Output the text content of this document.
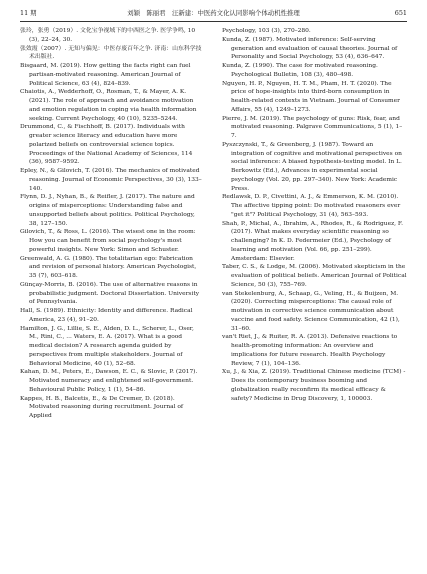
11 期	刘颖　陈丽君　汪新建：中医药文化认同影响个体动机性推理	651

张玲，张勇（2019）. 文化宝争视域下的中西医之争. 医学争鸣, 10 (3), 22–24, 30.

张效霞（2007）. 无知与偏见：中医存废百年之争. 济南：山东科学技术出版社.

Bisgaard, M. (2019). How getting the facts right can fuel partisan-motivated reasoning. American Journal of Political Science, 63 (4), 824–839.

Chaiotis, A., Wedderhoff, O., Rosman, T., & Mayer, A. K. (2021). The role of approach and avoidance motivation and emotion regulation in coping via health information seeking. Current Psychology, 40 (10), 5235–5244.

Drummond, C., & Fischhoff, B. (2017). Individuals with greater science literacy and education have more polarized beliefs on controversial science topics. Proceedings of the National Academy of Sciences, 114 (36), 9587–9592.

Epley, N., & Gilovich, T. (2016). The mechanics of motivated reasoning. Journal of Economic Perspectives, 30 (3), 133–140.

Flynn, D. J., Nyhan, B., & Reifler, J. (2017). The nature and origins of misperceptions: Understanding false and unsupported beliefs about politics. Political Psychology, 38, 127–150.

Gilovich, T., & Ross, L. (2016). The wisest one in the room: How you can benefit from social psychology's most powerful insights. New York: Simon and Schuster.

Greenwald, A. G. (1980). The totalitarian ego: Fabrication and revision of personal history. American Psychologist, 35 (7), 603–618.

Günçay-Morris, B. (2016). The use of alternative reasons in probabilistic judgment. Doctoral Dissertation. University of Pennsylvania.

Hall, S. (1989). Ethnicity: Identity and difference. Radical America, 23 (4), 91–20.

Hamilton, J. G., Lillie, S. E., Alden, D. L., Scherer, L., Oser, M., Rini, C., ... Waters, E. A. (2017). What is a good medical decision? A research agenda guided by perspectives from multiple stakeholders. Journal of Behavioral Medicine, 40 (1), 52–68.

Kahan, D. M., Peters, E., Dawson, E. C., & Slovic, P. (2017). Motivated numeracy and enlightened self-government. Behavioural Public Policy, 1 (1), 54–86.

Kappes, H. B., Balcetis, E., & De Cremer, D. (2018). Motivated reasoning during recruitment. Journal of Applied

Psychology, 103 (3), 270–280.

Kunda, Z. (1987). Motivated inference: Self-serving generation and evaluation of causal theories. Journal of Personality and Social Psychology, 53 (4), 636–647.

Kunda, Z. (1990). The case for motivated reasoning. Psychological Bulletin, 108 (3), 480–498.

Nguyen, H. P., Nguyen, H. T. M., Pham, H. T. (2020). The price of hope-insights into third-born consumption in health-related contexts in Vietnam. Journal of Consumer Affairs, 55 (4), 1249–1273.

Pierre, J. M. (2019). The psychology of guns: Risk, fear, and motivated reasoning. Palgrave Communications, 5 (1), 1–7.

Pyszczynski, T., & Greenberg, J. (1987). Toward an integration of cognitive and motivational perspectives on social inference: A biased hypothesis-testing model. In L. Berkowitz (Ed.), Advances in experimental social psychology (Vol. 20, pp. 297–340). New York: Academic Press.

Redlawsk, D. P., Civettini, A. J., & Emmerson, K. M. (2010). The affective tipping point: Do motivated reasoners ever "get it"? Political Psychology, 31 (4), 563–593.

Shah, P., Michal, A., Ibrahim, A., Rhodes, R., & Rodriguez, F. (2017). What makes everyday scientific reasoning so challenging? In K. D. Federmeier (Ed.), Psychology of learning and motivation (Vol. 66, pp. 251–299). Amsterdam: Elsevier.

Taber, C. S., & Lodge, M. (2006). Motivated skepticism in the evaluation of political beliefs. American Journal of Political Science, 50 (3), 755–769.

van Stekelenburg, A., Schaap, G., Veling, H., & Buijzen, M. (2020). Correcting misperceptions: The causal role of motivation in corrective science communication about vaccine and food safety. Science Communication, 42 (1), 31–60.

van't Riet, J., & Ruiter, R. A. (2013). Defensive reactions to health-promoting information: An overview and implications for future research. Health Psychology Review, 7 (1), 104–136.

Xu, J., & Xia, Z. (2019). Traditional Chinese medicine (TCM) -Does its contemporary business booming and globalization really reconfirm its medical efficacy & safety? Medicine in Drug Discovery, 1, 100003.
